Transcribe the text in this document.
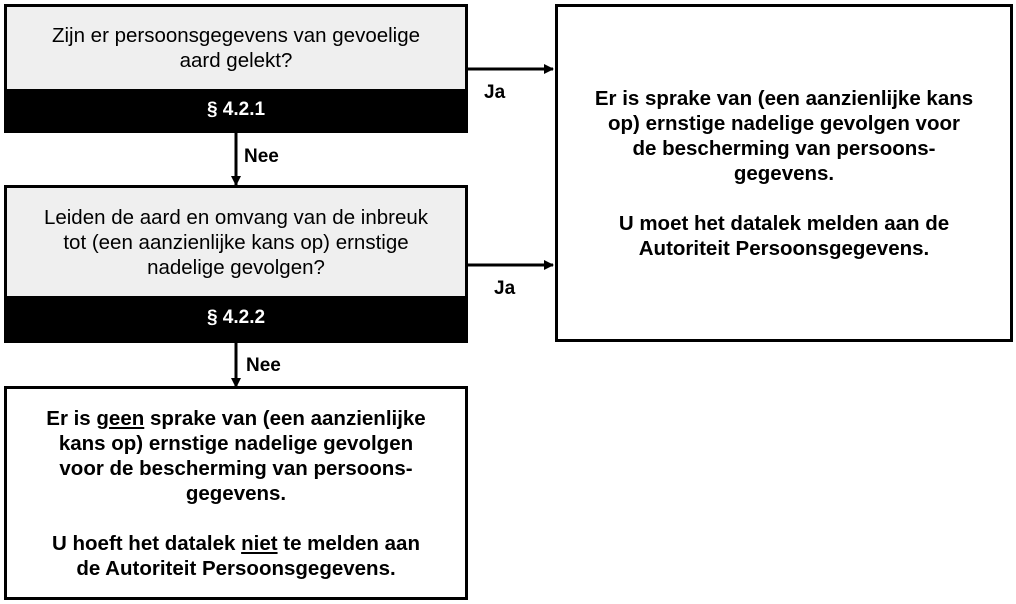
Zijn er persoonsgegevens van gevoelige
aard gelekt?
§ 4.2.1
Leiden de aard en omvang van de inbreuk
tot (een aanzienlijke kans op) ernstige
nadelige gevolgen?
§ 4.2.2

Er is sprake van (een aanzienlijke kans
op) ernstige nadelige gevolgen voor
de bescherming van persoons-
gegevens.

U moet het datalek melden aan de
Autoriteit Persoonsgegevens.

Er is geen sprake van (een aanzienlijke
kans op) ernstige nadelige gevolgen
voor de bescherming van persoons-
gegevens.

U hoeft het datalek niet te melden aan
de Autoriteit Persoonsgegevens.

Ja
Nee
Ja
Nee
